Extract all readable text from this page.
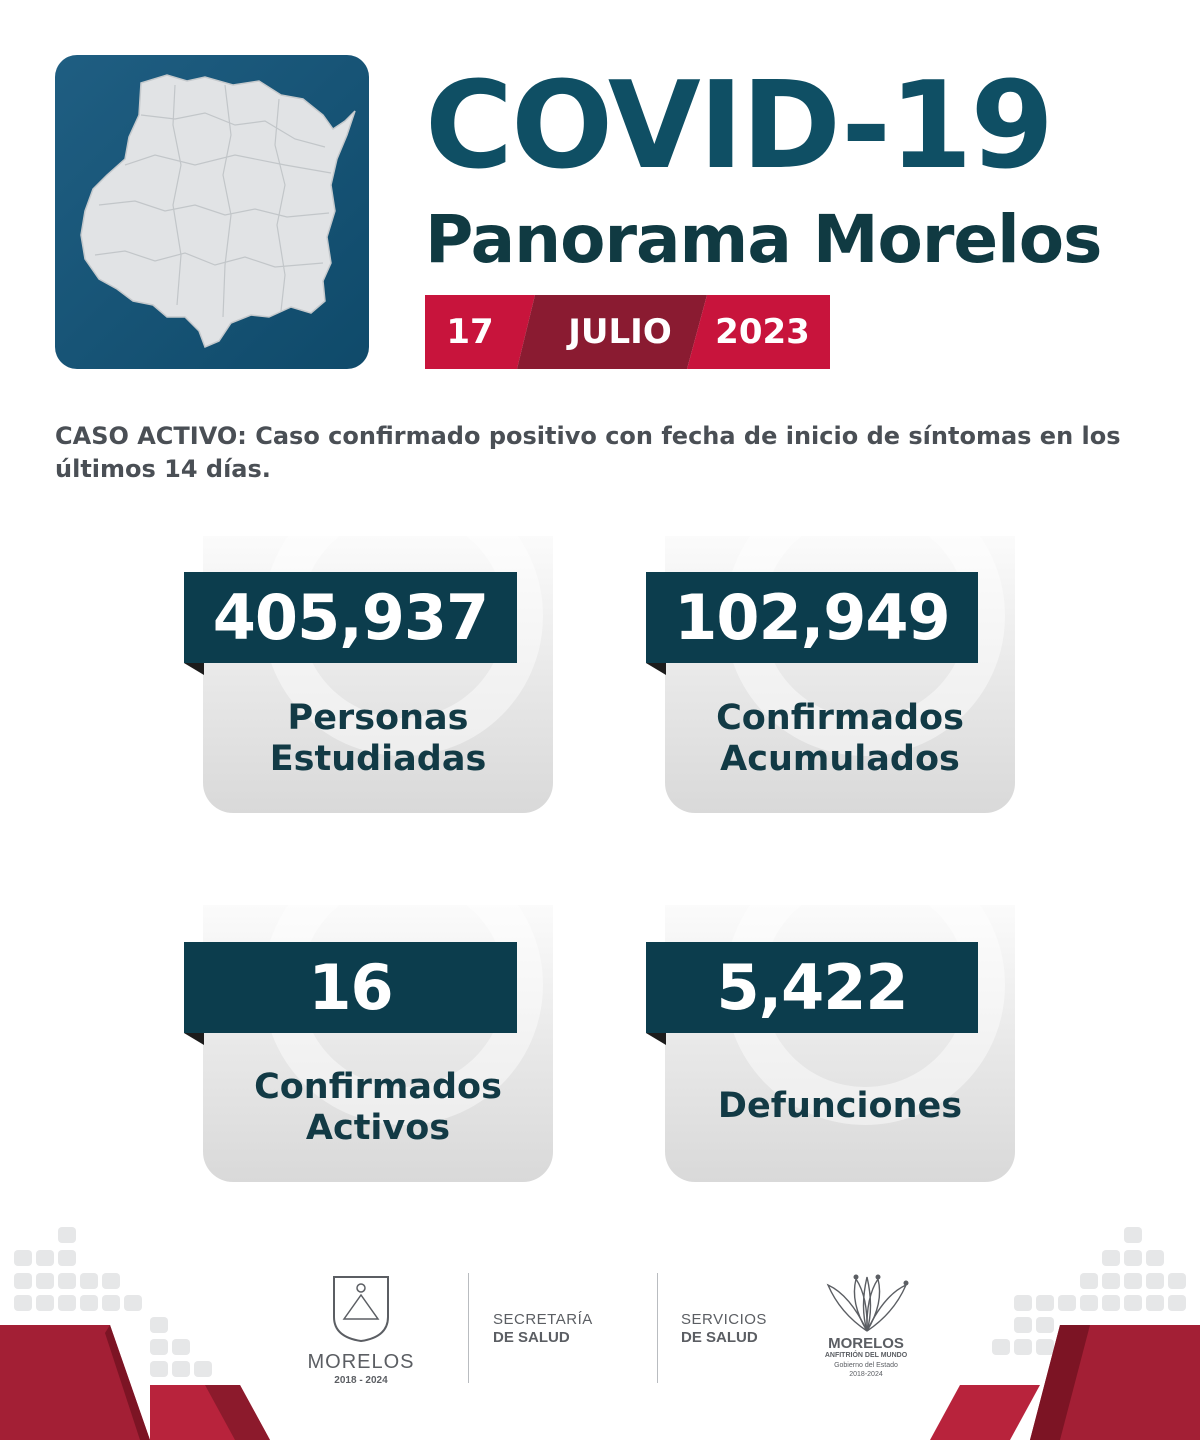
COVID-19
Panorama Morelos
17	JULIO	2023
CASO ACTIVO: Caso confirmado positivo con fecha de inicio de síntomas en los últimos 14 días.
405,937
Personas
Estudiadas
102,949
Confirmados
Acumulados
16
Confirmados
Activos
5,422
Defunciones
MORELOS
2018 - 2024
SECRETARÍA
DE SALUD
SERVICIOS
DE SALUD	MORELOS
ANFITRIÓN DEL MUNDO
Gobierno del Estado
2018-2024
